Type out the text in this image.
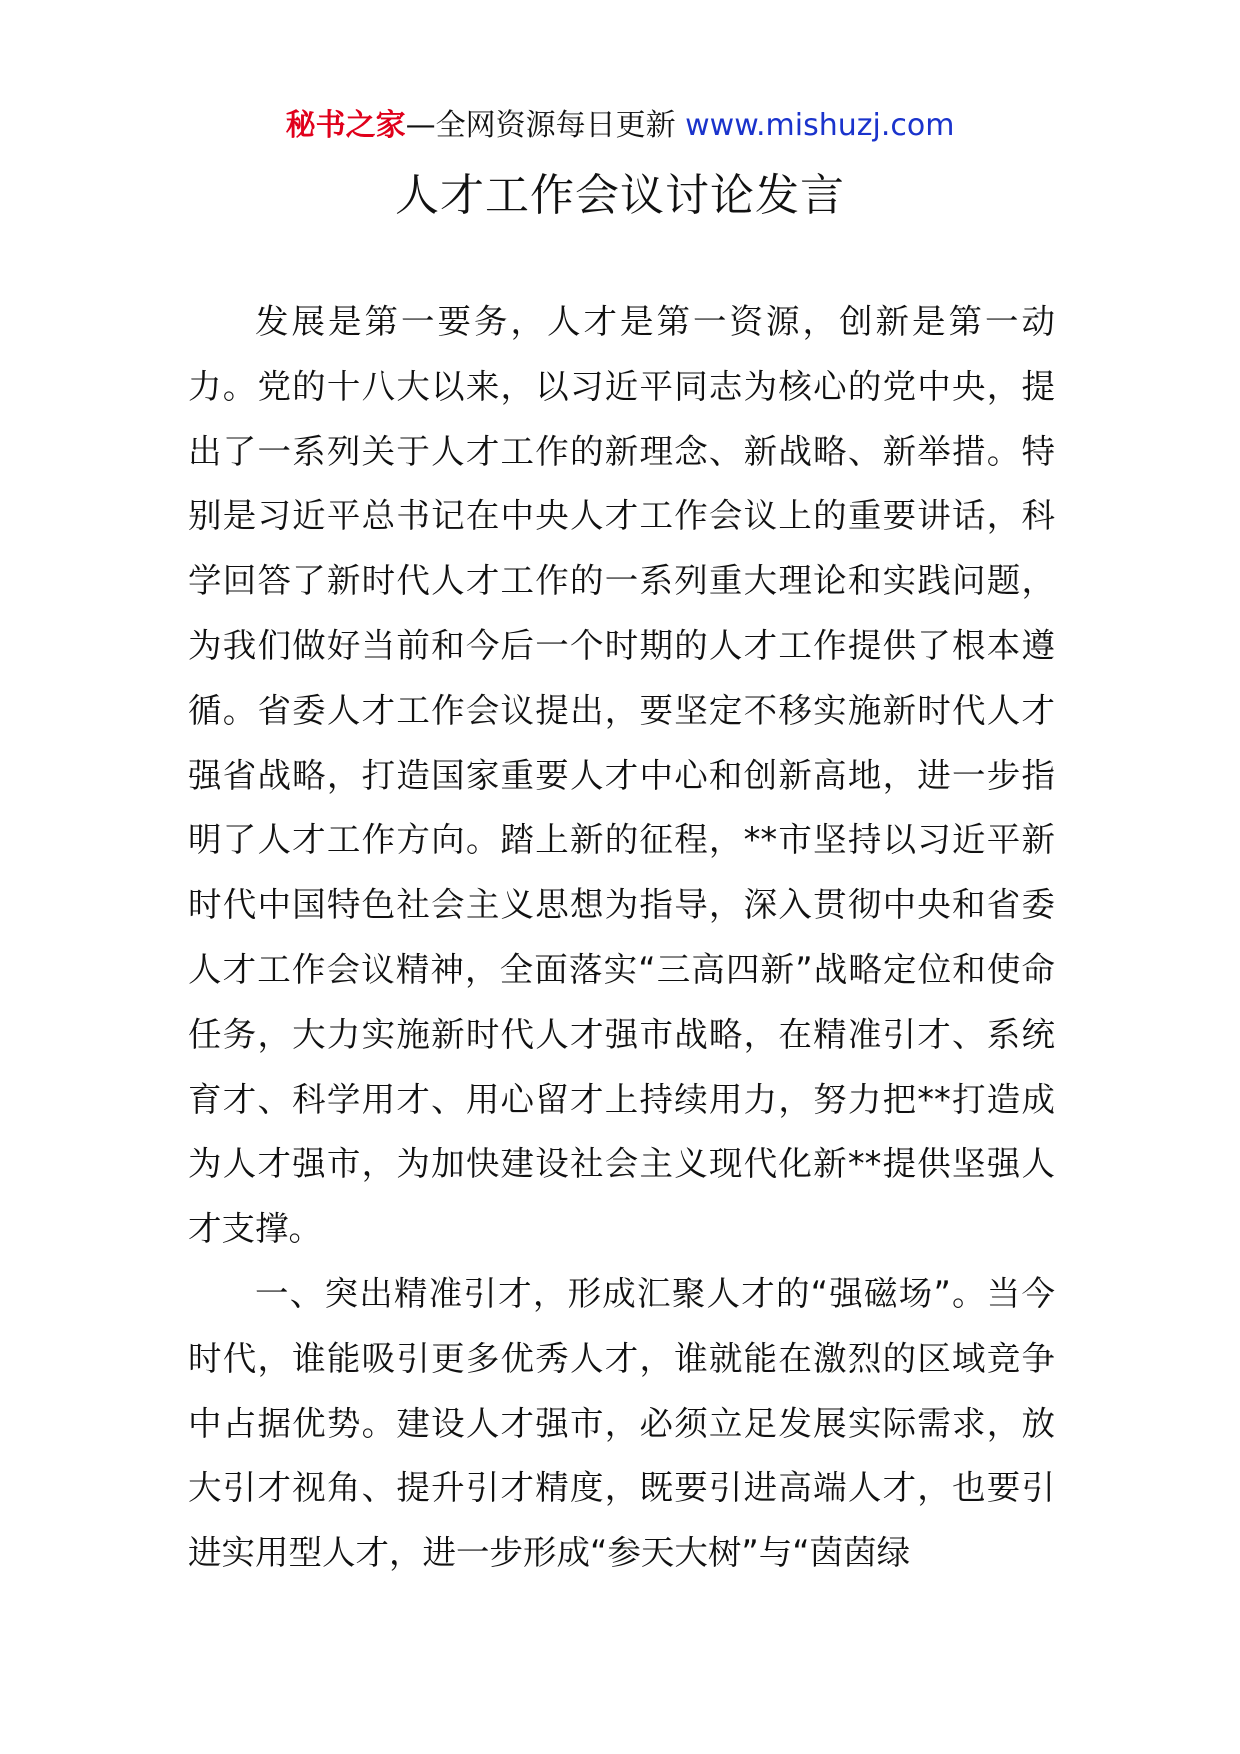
秘书之家—全网资源每日更新 www.mishuzj.com
人才工作会议讨论发言

发展是第一要务，人才是第一资源，创新是第一动力。党的十八大以来，以习近平同志为核心的党中央，提出了一系列关于人才工作的新理念、新战略、新举措。特别是习近平总书记在中央人才工作会议上的重要讲话，科学回答了新时代人才工作的一系列重大理论和实践问题，为我们做好当前和今后一个时期的人才工作提供了根本遵循。省委人才工作会议提出，要坚定不移实施新时代人才强省战略，打造国家重要人才中心和创新高地，进一步指明了人才工作方向。踏上新的征程，**市坚持以习近平新时代中国特色社会主义思想为指导，深入贯彻中央和省委人才工作会议精神，全面落实“三高四新”战略定位和使命任务，大力实施新时代人才强市战略，在精准引才、系统育才、科学用才、用心留才上持续用力，努力把**打造成为人才强市，为加快建设社会主义现代化新**提供坚强人才支撑。

一、突出精准引才，形成汇聚人才的“强磁场”。当今时代，谁能吸引更多优秀人才，谁就能在激烈的区域竞争中占据优势。建设人才强市，必须立足发展实际需求，放大引才视角、提升引才精度，既要引进高端人才，也要引进实用型人才，进一步形成“参天大树”与“茵茵绿
